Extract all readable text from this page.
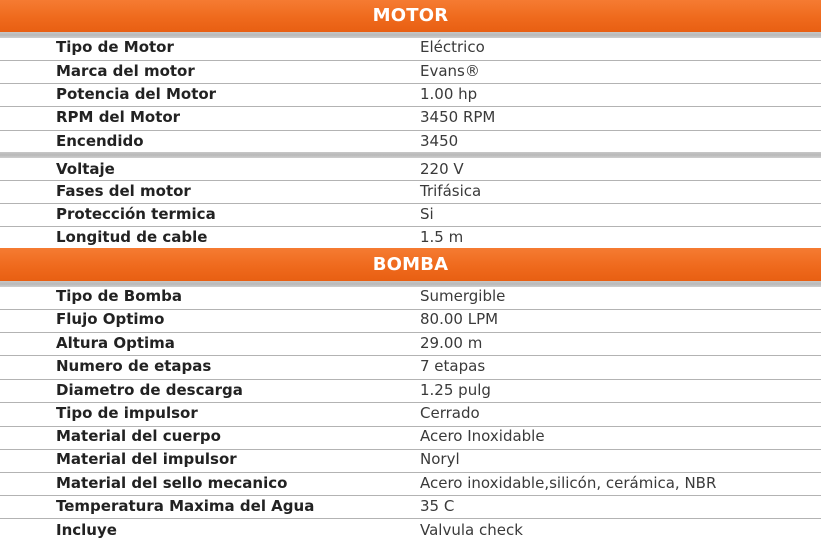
MOTOR
Tipo de Motor	Eléctrico
Marca del motor	Evans®
Potencia del Motor	1.00 hp
RPM del Motor	3450 RPM
Encendido	3450
Voltaje	220 V
Fases del motor	Trifásica
Protección termica	Si
Longitud de cable	1.5 m
BOMBA
Tipo de Bomba	Sumergible
Flujo Optimo	80.00 LPM
Altura Optima	29.00 m
Numero de etapas	7 etapas
Diametro de descarga	1.25 pulg
Tipo de impulsor	Cerrado
Material del cuerpo	Acero Inoxidable
Material del impulsor	Noryl
Material del sello mecanico	Acero inoxidable,silicón, cerámica, NBR
Temperatura Maxima del Agua	35 C
Incluye	Valvula check
